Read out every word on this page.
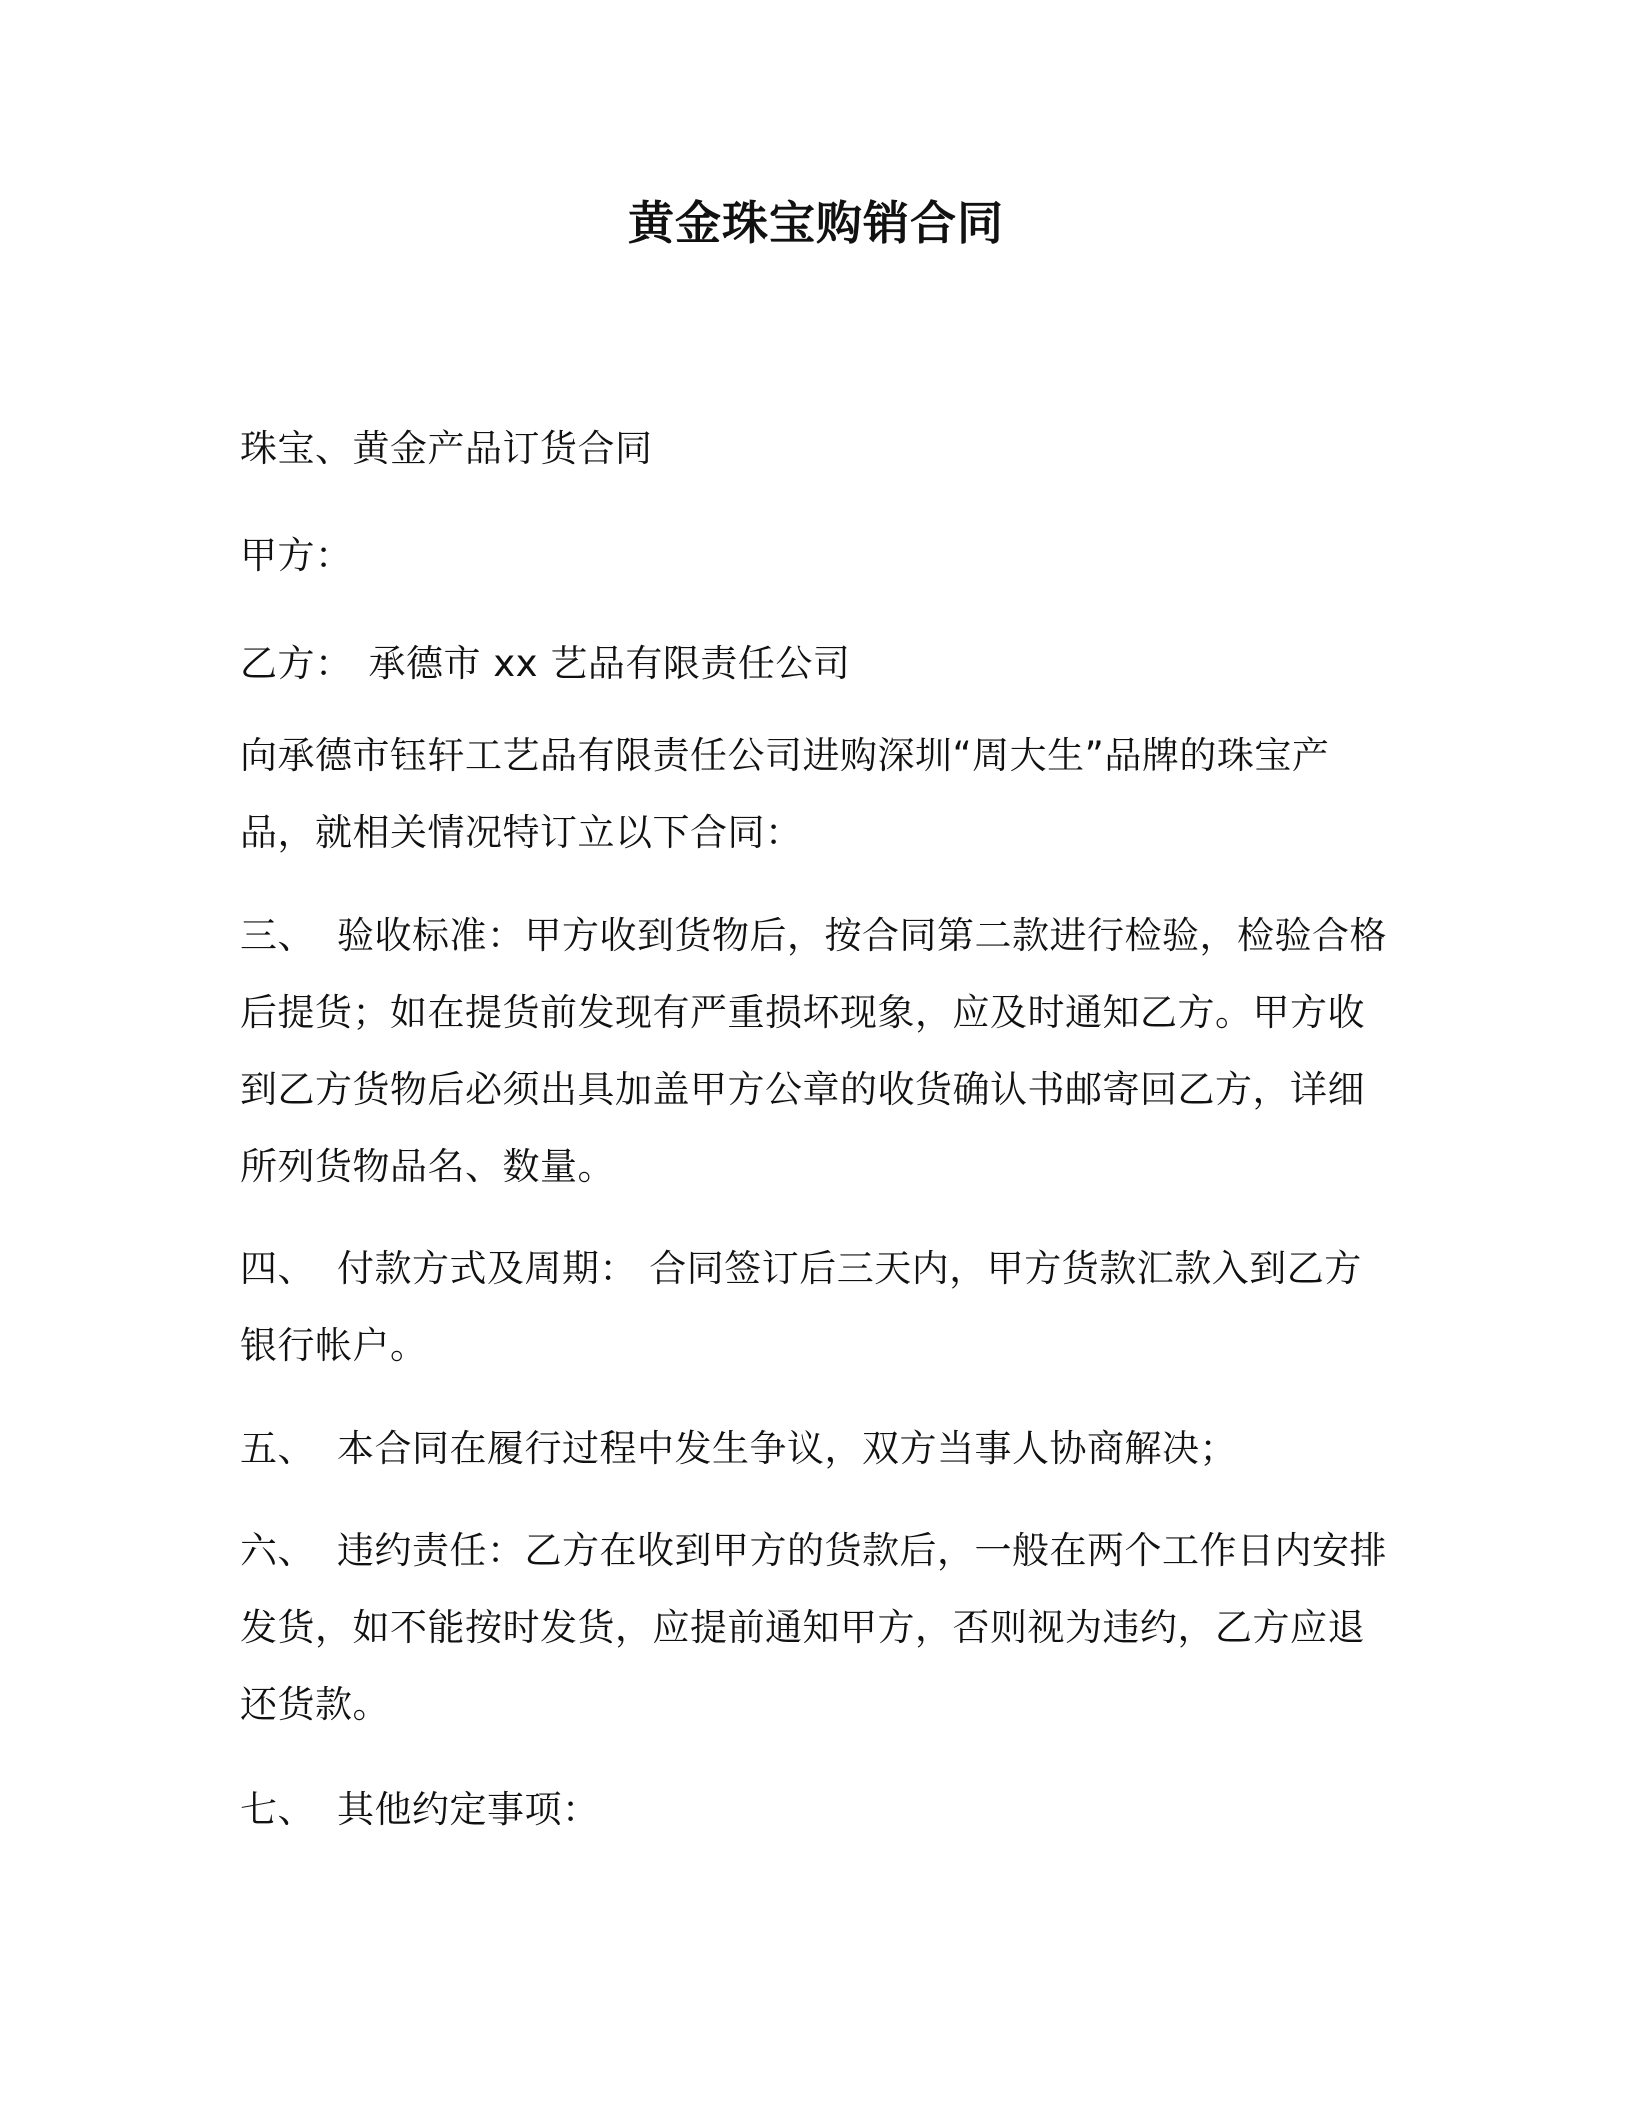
黄金珠宝购销合同

珠宝、黄金产品订货合同

甲方：

乙方： 承德市 xx 艺品有限责任公司

向承德市钰轩工艺品有限责任公司进购深圳“周大生”品牌的珠宝产品，就相关情况特订立以下合同：

三、 验收标准：甲方收到货物后，按合同第二款进行检验，检验合格后提货；如在提货前发现有严重损坏现象，应及时通知乙方。甲方收到乙方货物后必须出具加盖甲方公章的收货确认书邮寄回乙方，详细所列货物品名、数量。

四、 付款方式及周期： 合同签订后三天内，甲方货款汇款入到乙方银行帐户。

五、 本合同在履行过程中发生争议，双方当事人协商解决；

六、 违约责任：乙方在收到甲方的货款后，一般在两个工作日内安排发货，如不能按时发货，应提前通知甲方，否则视为违约，乙方应退还货款。

七、 其他约定事项：
